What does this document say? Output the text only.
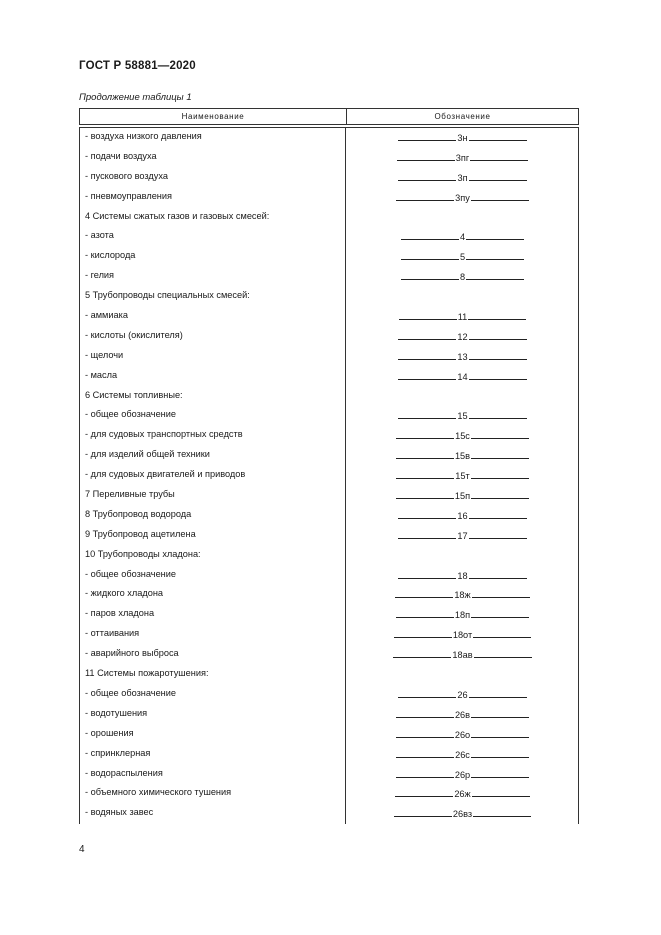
ГОСТ Р 58881—2020
Продолжение таблицы 1
Наименование	Обозначение
- воздуха низкого давления	3н
- подачи воздуха	3пг
- пускового воздуха	3п
- пневмоуправления	3пу
4 Системы сжатых газов и газовых смесей:
- азота	4
- кислорода	5
- гелия	8
5 Трубопроводы специальных смесей:
- аммиака	11
- кислоты (окислителя)	12
- щелочи	13
- масла	14
6 Системы топливные:
- общее обозначение	15
- для судовых транспортных средств	15с
- для изделий общей техники	15в
- для судовых двигателей и приводов	15т
7 Переливные трубы	15п
8 Трубопровод водорода	16
9 Трубопровод ацетилена	17
10 Трубопроводы хладона:
- общее обозначение	18
- жидкого хладона	18ж
- паров хладона	18п
- оттаивания	18от
- аварийного выброса	18ав
11 Системы пожаротушения:
- общее обозначение	26
- водотушения	26в
- орошения	26о
- спринклерная	26с
- водораспыления	26р
- объемного химического тушения	26ж
- водяных завес	26вз
4
